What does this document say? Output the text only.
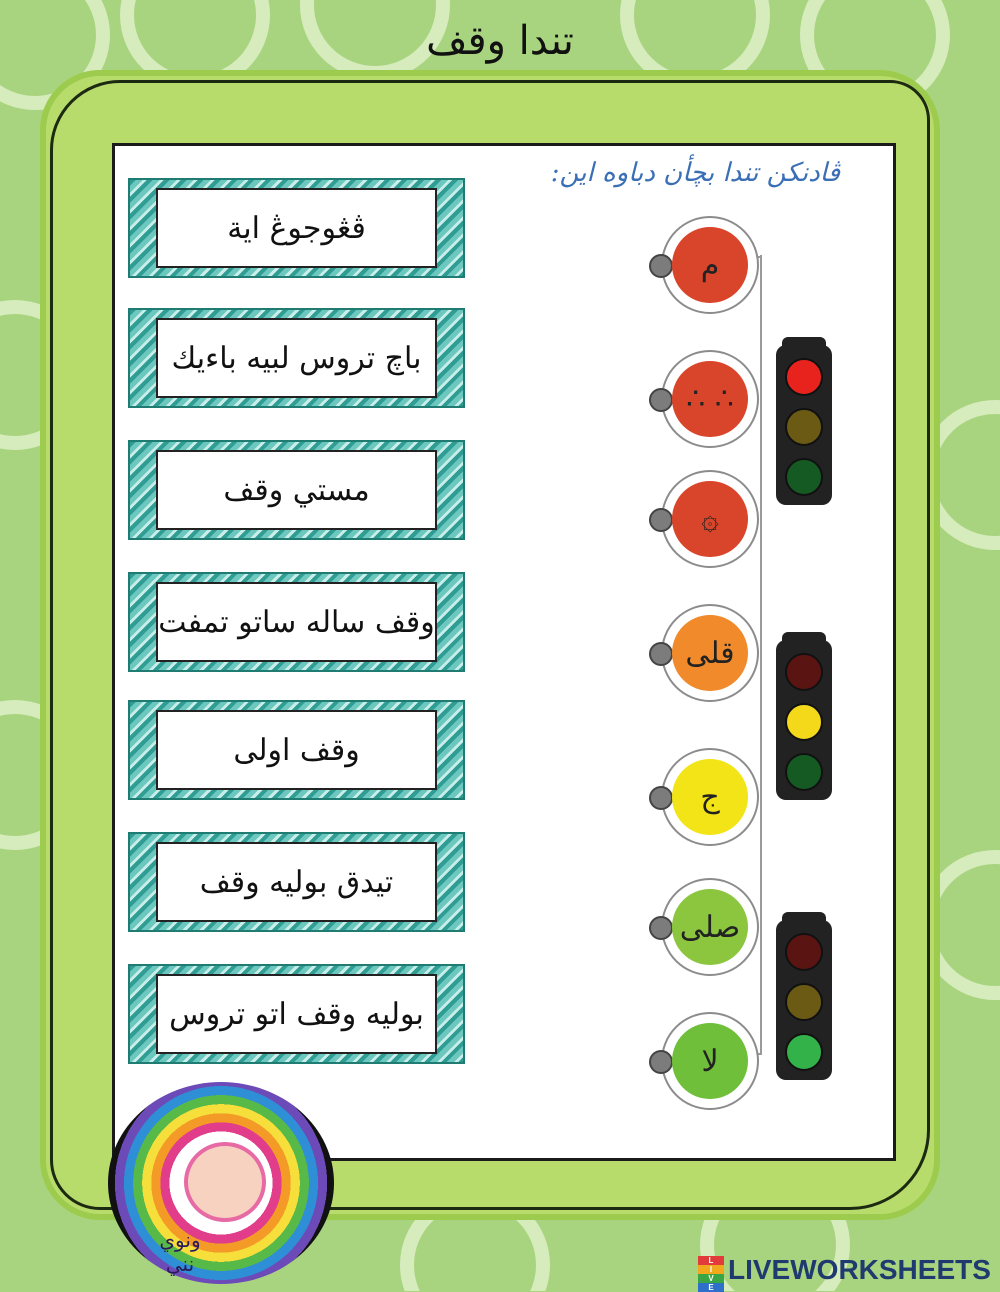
تندا وقف
ڤادنكن تندا بچأن دباوه اين:
ڤڠوجوڠ اية
باچ تروس لبيه باءيك
مستي وقف
وقف ساله ساتو تمفت
وقف اولى
تيدق بوليه وقف
بوليه وقف اتو تروس
م
∴ ∴
۞
قلى
ج
صلى
لا
ونوي نني	L
I
V
E
LIVEWORKSHEETS
